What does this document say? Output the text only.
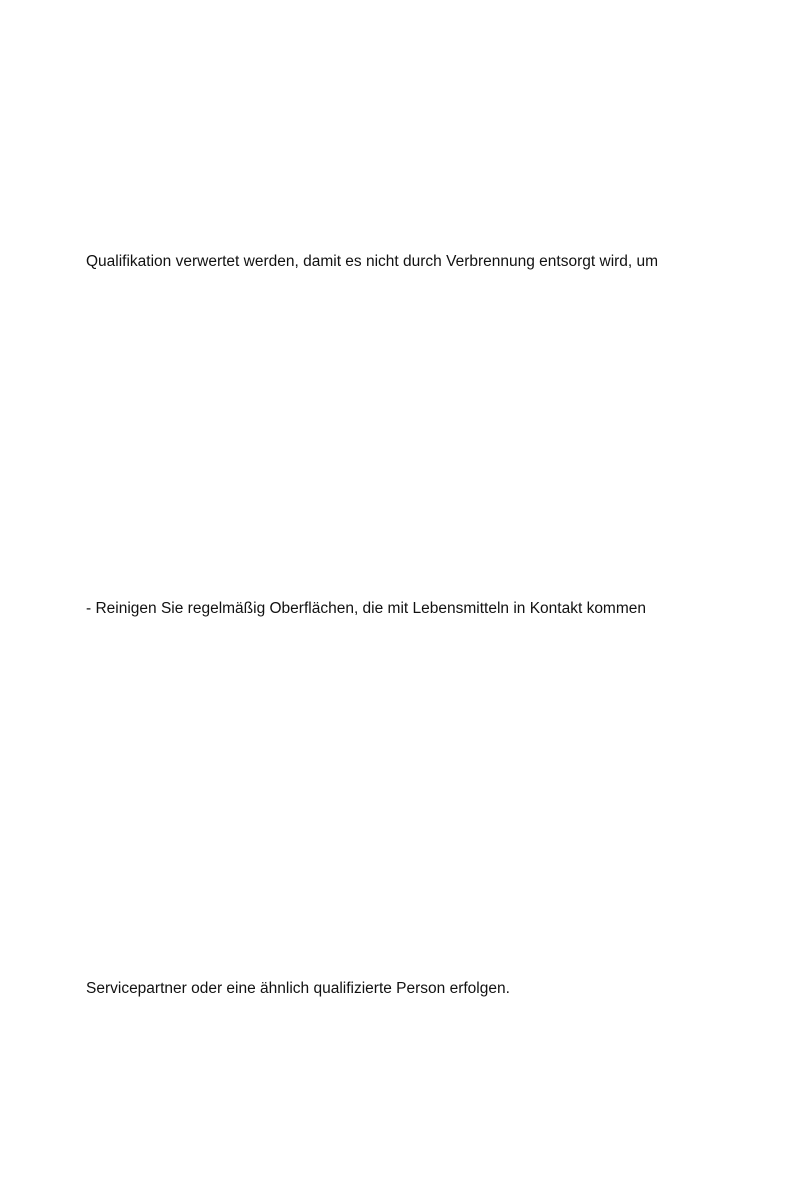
Qualifikation verwertet werden, damit es nicht durch Verbrennung entsorgt wird, um
- Reinigen Sie regelmäßig Oberflächen, die mit Lebensmitteln in Kontakt kommen
Servicepartner oder eine ähnlich qualifizierte Person erfolgen.
